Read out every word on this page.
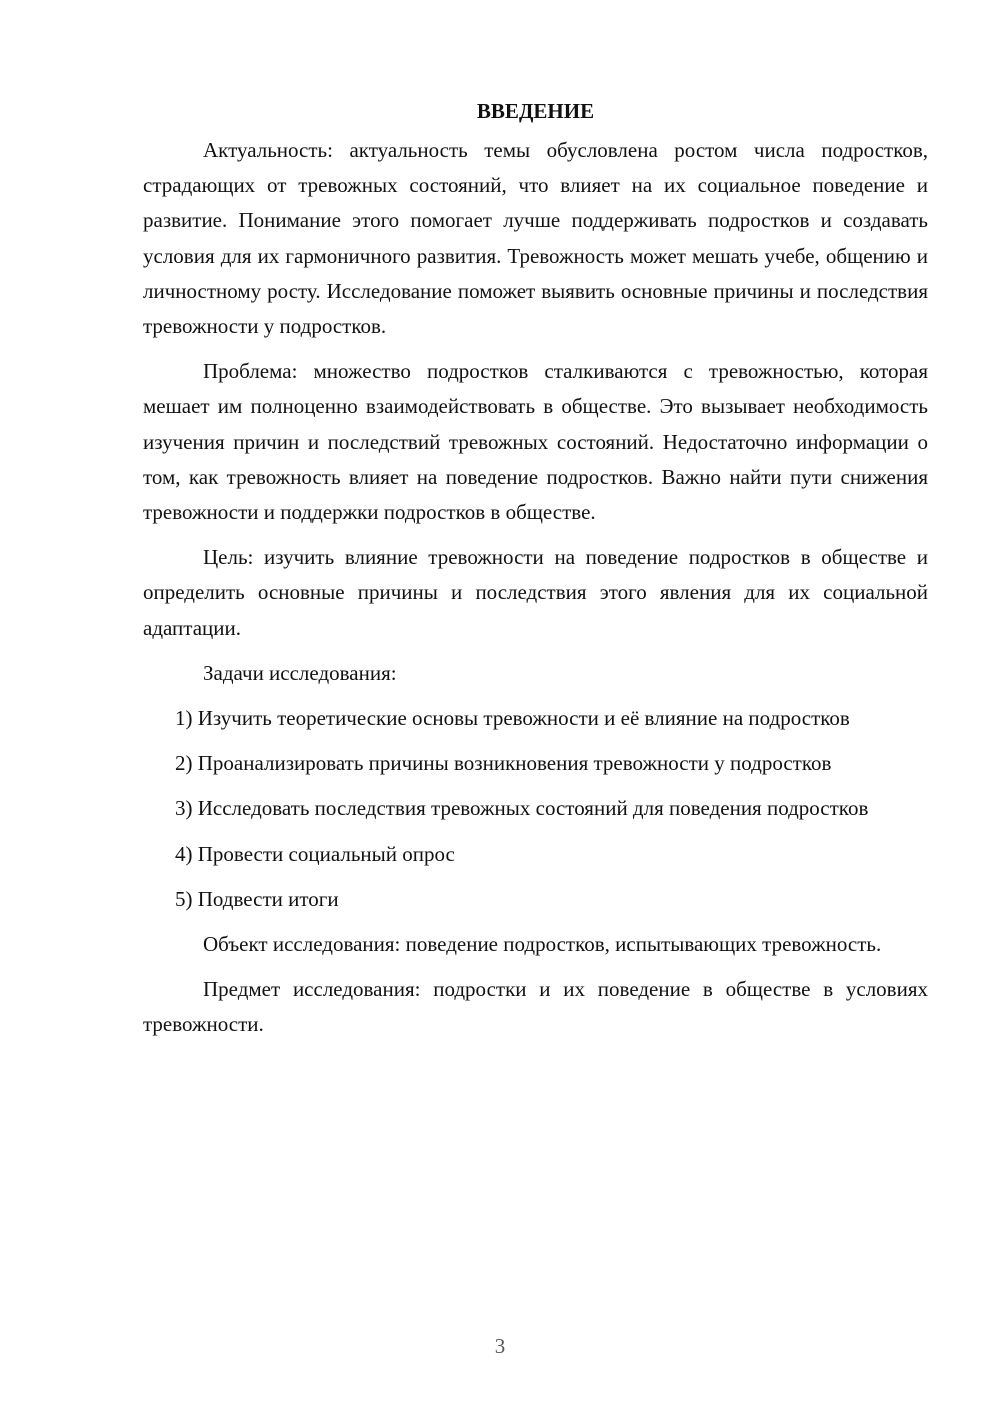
ВВЕДЕНИЕ

Актуальность: актуальность темы обусловлена ростом числа подростков, страдающих от тревожных состояний, что влияет на их социальное поведение и развитие. Понимание этого помогает лучше поддерживать подростков и создавать условия для их гармоничного развития. Тревожность может мешать учебе, общению и личностному росту. Исследование поможет выявить основные причины и последствия тревожности у подростков.

Проблема: множество подростков сталкиваются с тревожностью, которая мешает им полноценно взаимодействовать в обществе. Это вызывает необходимость изучения причин и последствий тревожных состояний. Недостаточно информации о том, как тревожность влияет на поведение подростков. Важно найти пути снижения тревожности и поддержки подростков в обществе.

Цель: изучить влияние тревожности на поведение подростков в обществе и определить основные причины и последствия этого явления для их социальной адаптации.

Задачи исследования:

1) Изучить теоретические основы тревожности и её влияние на подростков

2) Проанализировать причины возникновения тревожности у подростков

3) Исследовать последствия тревожных состояний для поведения подростков

4) Провести социальный опрос

5) Подвести итоги

Объект исследования: поведение подростков, испытывающих тревожность.

Предмет исследования: подростки и их поведение в обществе в условиях тревожности.

3
